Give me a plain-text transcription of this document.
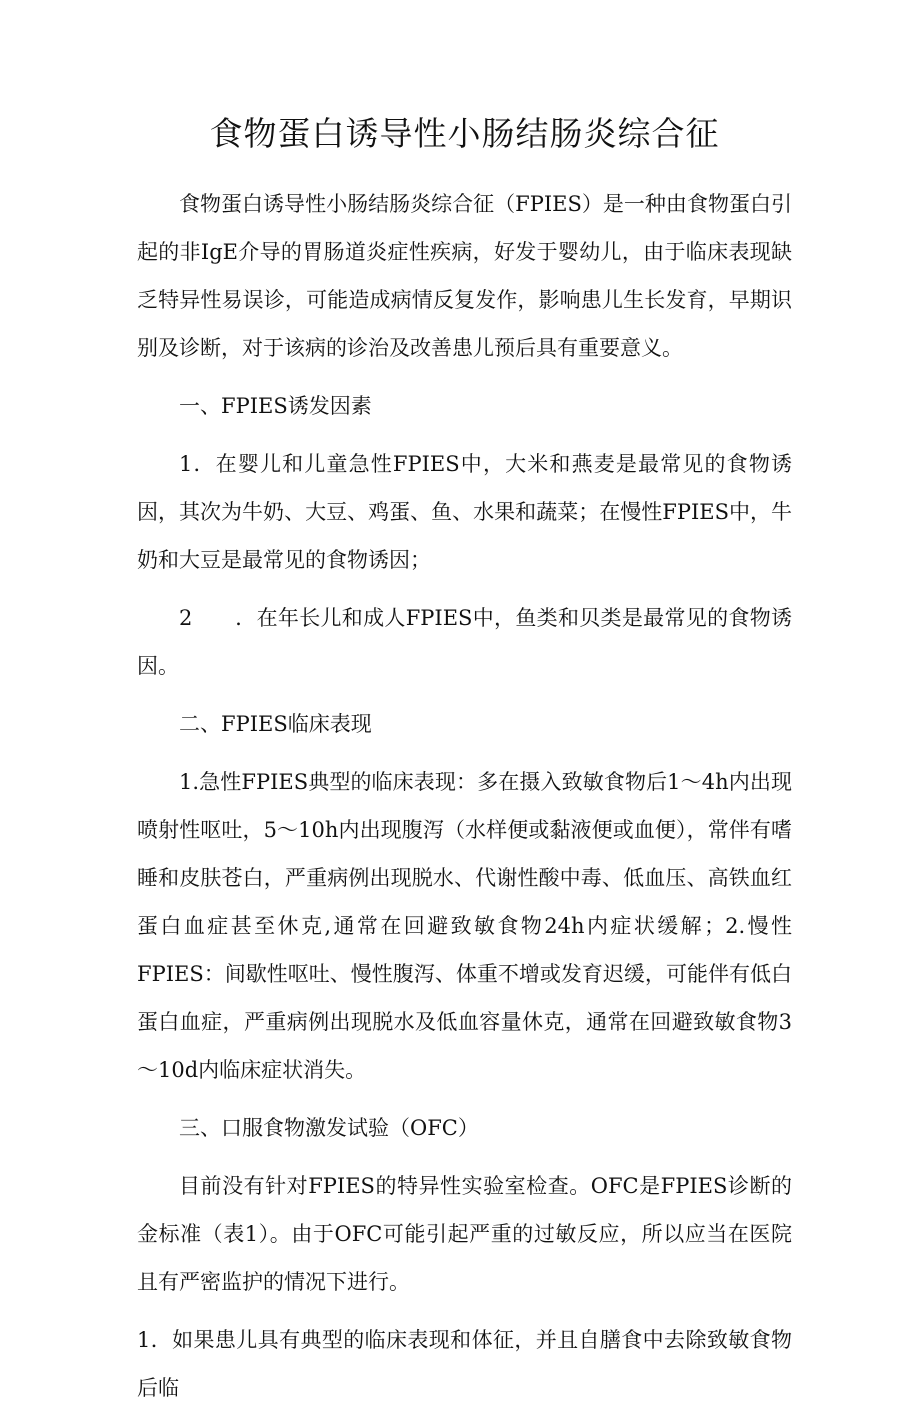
食物蛋白诱导性小肠结肠炎综合征

食物蛋白诱导性小肠结肠炎综合征（FPIES）是一种由食物蛋白引起的非IgE介导的胃肠道炎症性疾病，好发于婴幼儿，由于临床表现缺乏特异性易误诊，可能造成病情反复发作，影响患儿生长发育，早期识别及诊断，对于该病的诊治及改善患儿预后具有重要意义。

一、FPIES诱发因素

1．在婴儿和儿童急性FPIES中，大米和燕麦是最常见的食物诱因，其次为牛奶、大豆、鸡蛋、鱼、水果和蔬菜；在慢性FPIES中，牛奶和大豆是最常见的食物诱因；

2　　．在年长儿和成人FPIES中，鱼类和贝类是最常见的食物诱因。

二、FPIES临床表现

1.急性FPIES典型的临床表现：多在摄入致敏食物后1～4h内出现喷射性呕吐，5～10h内出现腹泻（水样便或黏液便或血便），常伴有嗜睡和皮肤苍白，严重病例出现脱水、代谢性酸中毒、低血压、高铁血红蛋白血症甚至休克,通常在回避致敏食物24h内症状缓解；2.慢性FPIES：间歇性呕吐、慢性腹泻、体重不增或发育迟缓，可能伴有低白蛋白血症，严重病例出现脱水及低血容量休克，通常在回避致敏食物3～10d内临床症状消失。

三、口服食物激发试验（OFC）

目前没有针对FPIES的特异性实验室检查。OFC是FPIES诊断的金标准（表1）。由于OFC可能引起严重的过敏反应，所以应当在医院且有严密监护的情况下进行。

1．如果患儿具有典型的临床表现和体征，并且自膳食中去除致敏食物后临
